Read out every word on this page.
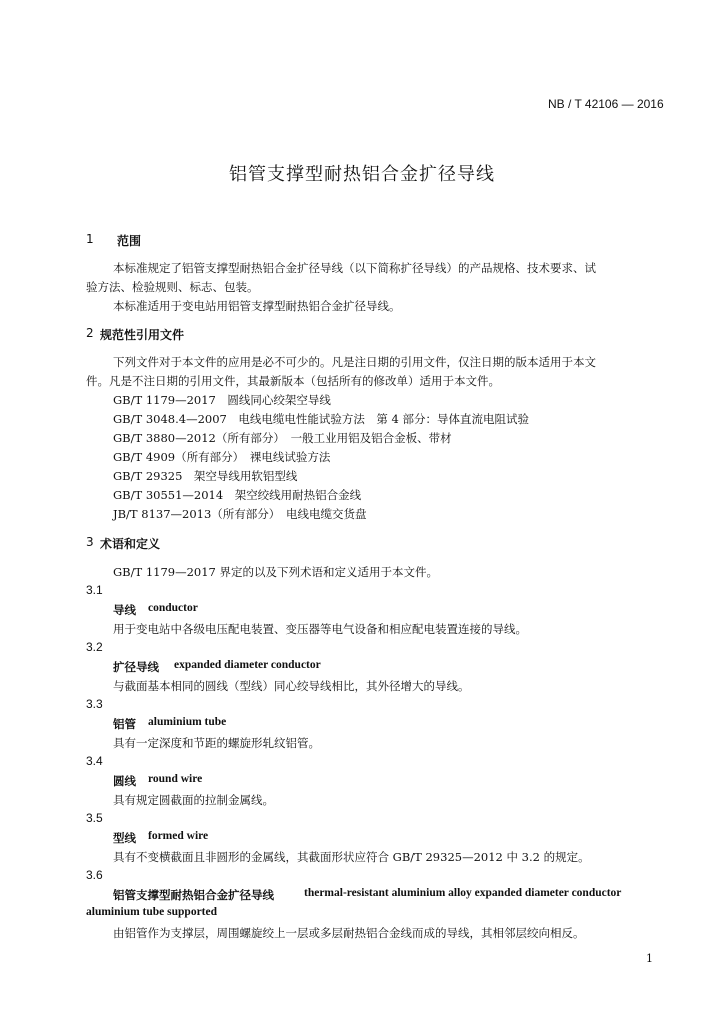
NB / T 42106 — 2016
铝管支撑型耐热铝合金扩径导线
1 范围
本标准规定了铝管支撑型耐热铝合金扩径导线（以下简称扩径导线）的产品规格、技术要求、试
验方法、检验规则、标志、包装。
本标准适用于变电站用铝管支撑型耐热铝合金扩径导线。
2 规范性引用文件
下列文件对于本文件的应用是必不可少的。凡是注日期的引用文件，仅注日期的版本适用于本文
件。凡是不注日期的引用文件，其最新版本（包括所有的修改单）适用于本文件。
GB/T 1179—2017　圆线同心绞架空导线
GB/T 3048.4—2007　电线电缆电性能试验方法　第 4 部分：导体直流电阻试验
GB/T 3880—2012（所有部分）　一般工业用铝及铝合金板、带材
GB/T 4909（所有部分）　裸电线试验方法
GB/T 29325　架空导线用软铝型线
GB/T 30551—2014　架空绞线用耐热铝合金线
JB/T 8137—2013（所有部分）　电线电缆交货盘
3 术语和定义
GB/T 1179—2017 界定的以及下列术语和定义适用于本文件。
3.1
导线 conductor
用于变电站中各级电压配电装置、变压器等电气设备和相应配电装置连接的导线。
3.2
扩径导线 expanded diameter conductor
与截面基本相同的圆线（型线）同心绞导线相比，其外径增大的导线。
3.3
铝管 aluminium tube
具有一定深度和节距的螺旋形轧纹铝管。
3.4
圆线 round wire
具有规定圆截面的拉制金属线。
3.5
型线 formed wire
具有不变横截面且非圆形的金属线，其截面形状应符合 GB/T 29325—2012 中 3.2 的规定。
3.6
铝管支撑型耐热铝合金扩径导线	thermal-resistant aluminium alloy expanded diameter conductor
aluminium tube supported
由铝管作为支撑层，周围螺旋绞上一层或多层耐热铝合金线而成的导线，其相邻层绞向相反。
1
